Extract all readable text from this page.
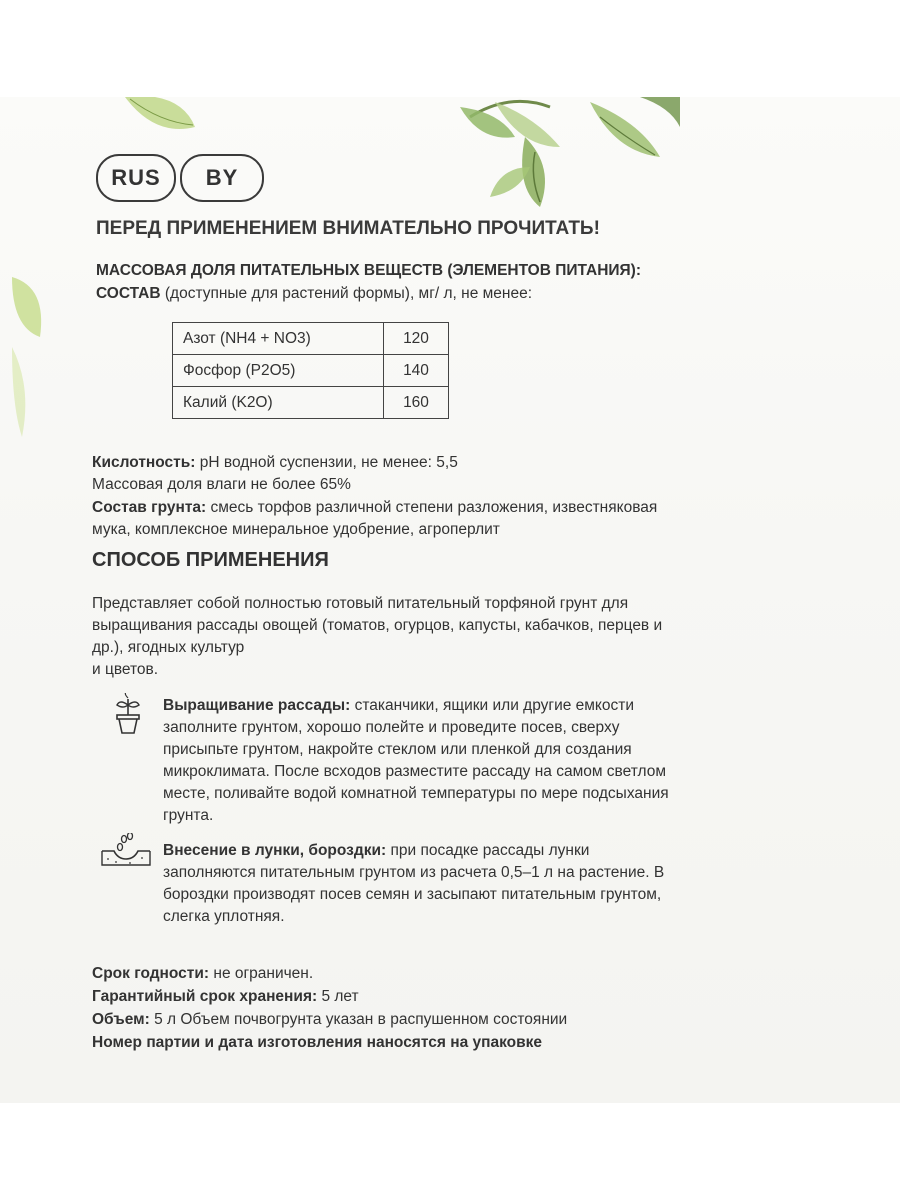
RUS	BY
ПЕРЕД ПРИМЕНЕНИЕМ ВНИМАТЕЛЬНО ПРОЧИТАТЬ!
МАССОВАЯ ДОЛЯ ПИТАТЕЛЬНЫХ ВЕЩЕСТВ (ЭЛЕМЕНТОВ ПИТАНИЯ):
СОСТАВ (доступные для растений формы), мг/ л, не менее:
Азот (NH4 + NO3)	120
Фосфор (P2O5)	140
Калий (K2O)	160
Кислотность: pH водной суспензии, не менее: 5,5
Массовая доля влаги не более 65%
Состав грунта: смесь торфов различной степени разложения, известняковая
мука, комплексное минеральное удобрение, агроперлит
СПОСОБ ПРИМЕНЕНИЯ
Представляет собой полностью готовый питательный торфяной грунт для
выращивания рассады овощей (томатов, огурцов, капусты, кабачков, перцев и
др.), ягодных культур
и цветов.
Выращивание рассады: стаканчики, ящики или другие емкости
заполните грунтом, хорошо полейте и проведите посев, сверху
присыпьте грунтом, накройте стеклом или пленкой для создания
микроклимата. После всходов разместите рассаду на самом светлом
месте, поливайте водой комнатной температуры по мере подсыхания
грунта.
Внесение в лунки, бороздки: при посадке рассады лунки
заполняются питательным грунтом из расчета 0,5–1 л на растение. В
бороздки производят посев семян и засыпают питательным грунтом,
слегка уплотняя.
Срок годности: не ограничен.
Гарантийный срок хранения: 5 лет
Объем: 5 л Объем почвогрунта указан в распушенном состоянии
Номер партии и дата изготовления наносятся на упаковке
